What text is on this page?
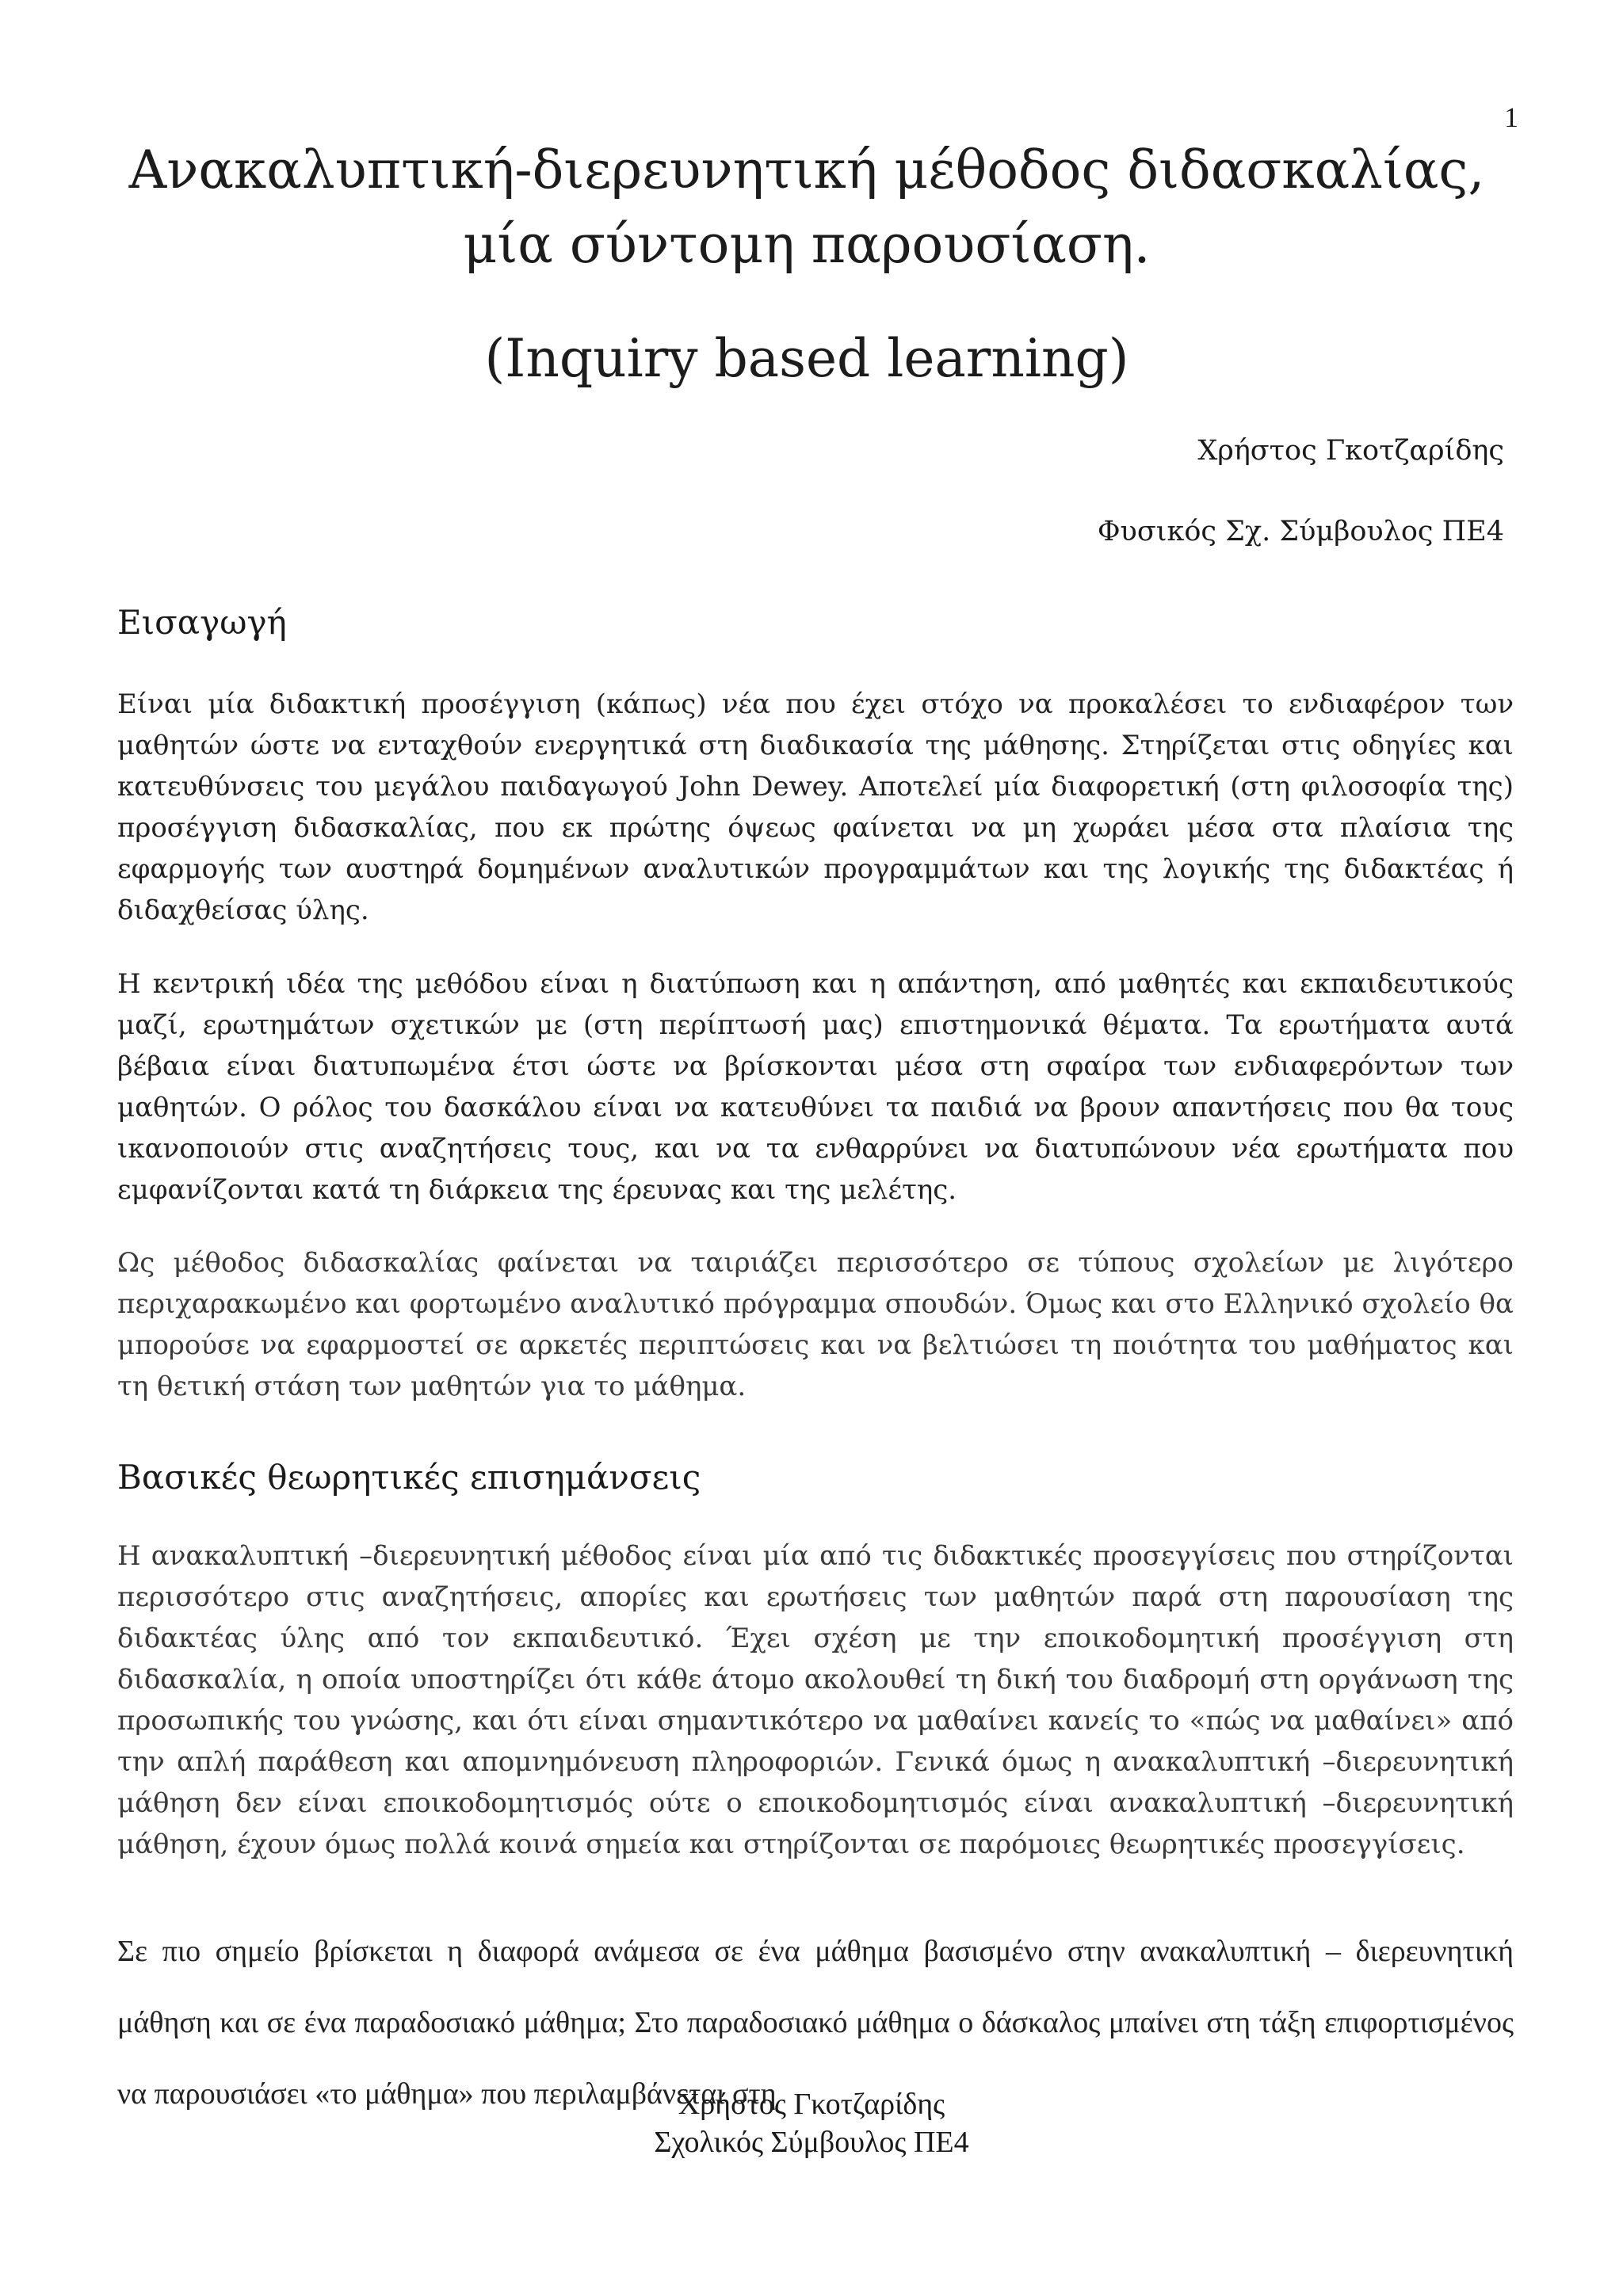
1
Ανακαλυπτική-διερευνητική μέθοδος διδασκαλίας,
μία σύντομη παρουσίαση.
(Inquiry based learning)
Χρήστος Γκοτζαρίδης
Φυσικός Σχ. Σύμβουλος ΠΕ4
Εισαγωγή

Είναι μία διδακτική προσέγγιση (κάπως) νέα που έχει στόχο να προκαλέσει το ενδιαφέρον των μαθητών ώστε να ενταχθούν ενεργητικά στη διαδικασία της μάθησης. Στηρίζεται στις οδηγίες και κατευθύνσεις του μεγάλου παιδαγωγού John Dewey. Αποτελεί μία διαφορετική (στη φιλοσοφία της) προσέγγιση διδασκαλίας, που εκ πρώτης όψεως φαίνεται να μη χωράει μέσα στα πλαίσια της εφαρμογής των αυστηρά δομημένων αναλυτικών προγραμμάτων και της λογικής της διδακτέας ή διδαχθείσας ύλης.

Η κεντρική ιδέα της μεθόδου είναι η διατύπωση και η απάντηση, από μαθητές και εκπαιδευτικούς μαζί, ερωτημάτων σχετικών με (στη περίπτωσή μας) επιστημονικά θέματα. Τα ερωτήματα αυτά βέβαια είναι διατυπωμένα έτσι ώστε να βρίσκονται μέσα στη σφαίρα των ενδιαφερόντων των μαθητών. Ο ρόλος του δασκάλου είναι να κατευθύνει τα παιδιά να βρουν απαντήσεις που θα τους ικανοποιούν στις αναζητήσεις τους, και να τα ενθαρρύνει να διατυπώνουν νέα ερωτήματα που εμφανίζονται κατά τη διάρκεια της έρευνας και της μελέτης.

Ως μέθοδος διδασκαλίας φαίνεται να ταιριάζει περισσότερο σε τύπους σχολείων με λιγότερο περιχαρακωμένο και φορτωμένο αναλυτικό πρόγραμμα σπουδών. Όμως και στο Ελληνικό σχολείο θα μπορούσε να εφαρμοστεί σε αρκετές περιπτώσεις και να βελτιώσει τη ποιότητα του μαθήματος και τη θετική στάση των μαθητών για το μάθημα.

Βασικές θεωρητικές επισημάνσεις

Η ανακαλυπτική –διερευνητική μέθοδος είναι μία από τις διδακτικές προσεγγίσεις που στηρίζονται περισσότερο στις αναζητήσεις, απορίες και ερωτήσεις των μαθητών παρά στη παρουσίαση της διδακτέας ύλης από τον εκπαιδευτικό. Έχει σχέση με την εποικοδομητική προσέγγιση στη διδασκαλία, η οποία υποστηρίζει ότι κάθε άτομο ακολουθεί τη δική του διαδρομή στη οργάνωση της προσωπικής του γνώσης, και ότι είναι σημαντικότερο να μαθαίνει κανείς το «πώς να μαθαίνει» από την απλή παράθεση και απομνημόνευση πληροφοριών. Γενικά όμως η ανακαλυπτική –διερευνητική μάθηση δεν είναι εποικοδομητισμός ούτε ο εποικοδομητισμός είναι ανακαλυπτική –διερευνητική μάθηση, έχουν όμως πολλά κοινά σημεία και στηρίζονται σε παρόμοιες θεωρητικές προσεγγίσεις.

Σε πιο σημείο βρίσκεται η διαφορά ανάμεσα σε ένα μάθημα βασισμένο στην ανακαλυπτική – διερευνητική μάθηση και σε ένα παραδοσιακό μάθημα; Στο παραδοσιακό μάθημα ο δάσκαλος μπαίνει στη τάξη επιφορτισμένος να παρουσιάσει «το μάθημα» που περιλαμβάνεται στη

Χρήστος Γκοτζαρίδης
Σχολικός Σύμβουλος ΠΕ4
